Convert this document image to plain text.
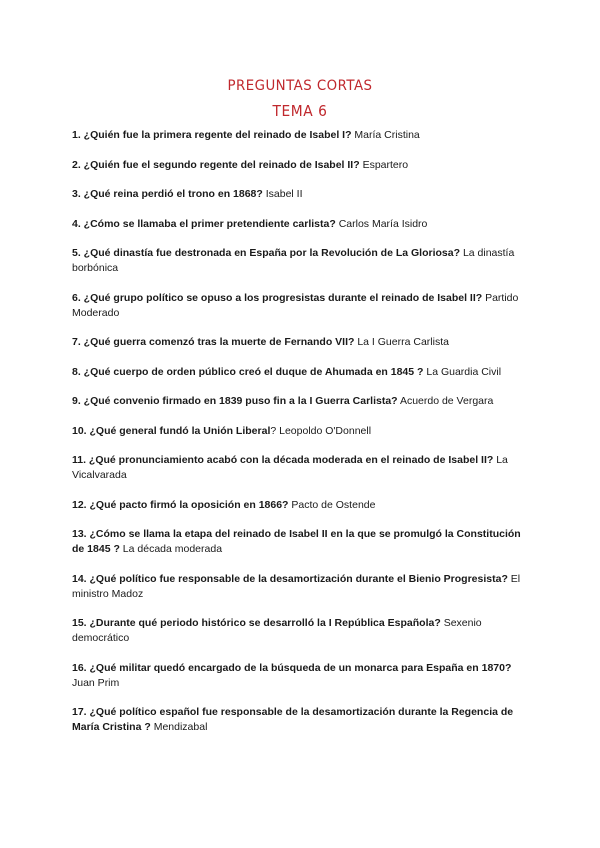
PREGUNTAS CORTAS
TEMA 6
1. ¿Quién fue la primera regente del reinado de Isabel I? María Cristina
2. ¿Quién fue el segundo regente del reinado de Isabel II? Espartero
3. ¿Qué reina perdió el trono en 1868? Isabel II
4. ¿Cómo se llamaba el primer pretendiente carlista? Carlos María Isidro
5. ¿Qué dinastía fue destronada en España por la Revolución de La Gloriosa? La dinastía borbónica
6. ¿Qué grupo político se opuso a los progresistas durante el reinado de Isabel II? Partido Moderado
7. ¿Qué guerra comenzó tras la muerte de Fernando VII? La I Guerra Carlista
8. ¿Qué cuerpo de orden público creó el duque de Ahumada en 1845 ? La Guardia Civil
9. ¿Qué convenio firmado en 1839 puso fin a la I Guerra Carlista? Acuerdo de Vergara
10. ¿Qué general fundó la Unión Liberal? Leopoldo O'Donnell
11. ¿Qué pronunciamiento acabó con la década moderada en el reinado de Isabel II? La Vicalvarada
12. ¿Qué pacto firmó la oposición en 1866? Pacto de Ostende
13. ¿Cómo se llama la etapa del reinado de Isabel II en la que se promulgó la Constitución de 1845 ? La década moderada
14. ¿Qué político fue responsable de la desamortización durante el Bienio Progresista? El ministro Madoz
15. ¿Durante qué periodo histórico se desarrolló la I República Española? Sexenio democrático
16. ¿Qué militar quedó encargado de la búsqueda de un monarca para España en 1870? Juan Prim
17. ¿Qué político español fue responsable de la desamortización durante la Regencia de María Cristina ? Mendizabal
